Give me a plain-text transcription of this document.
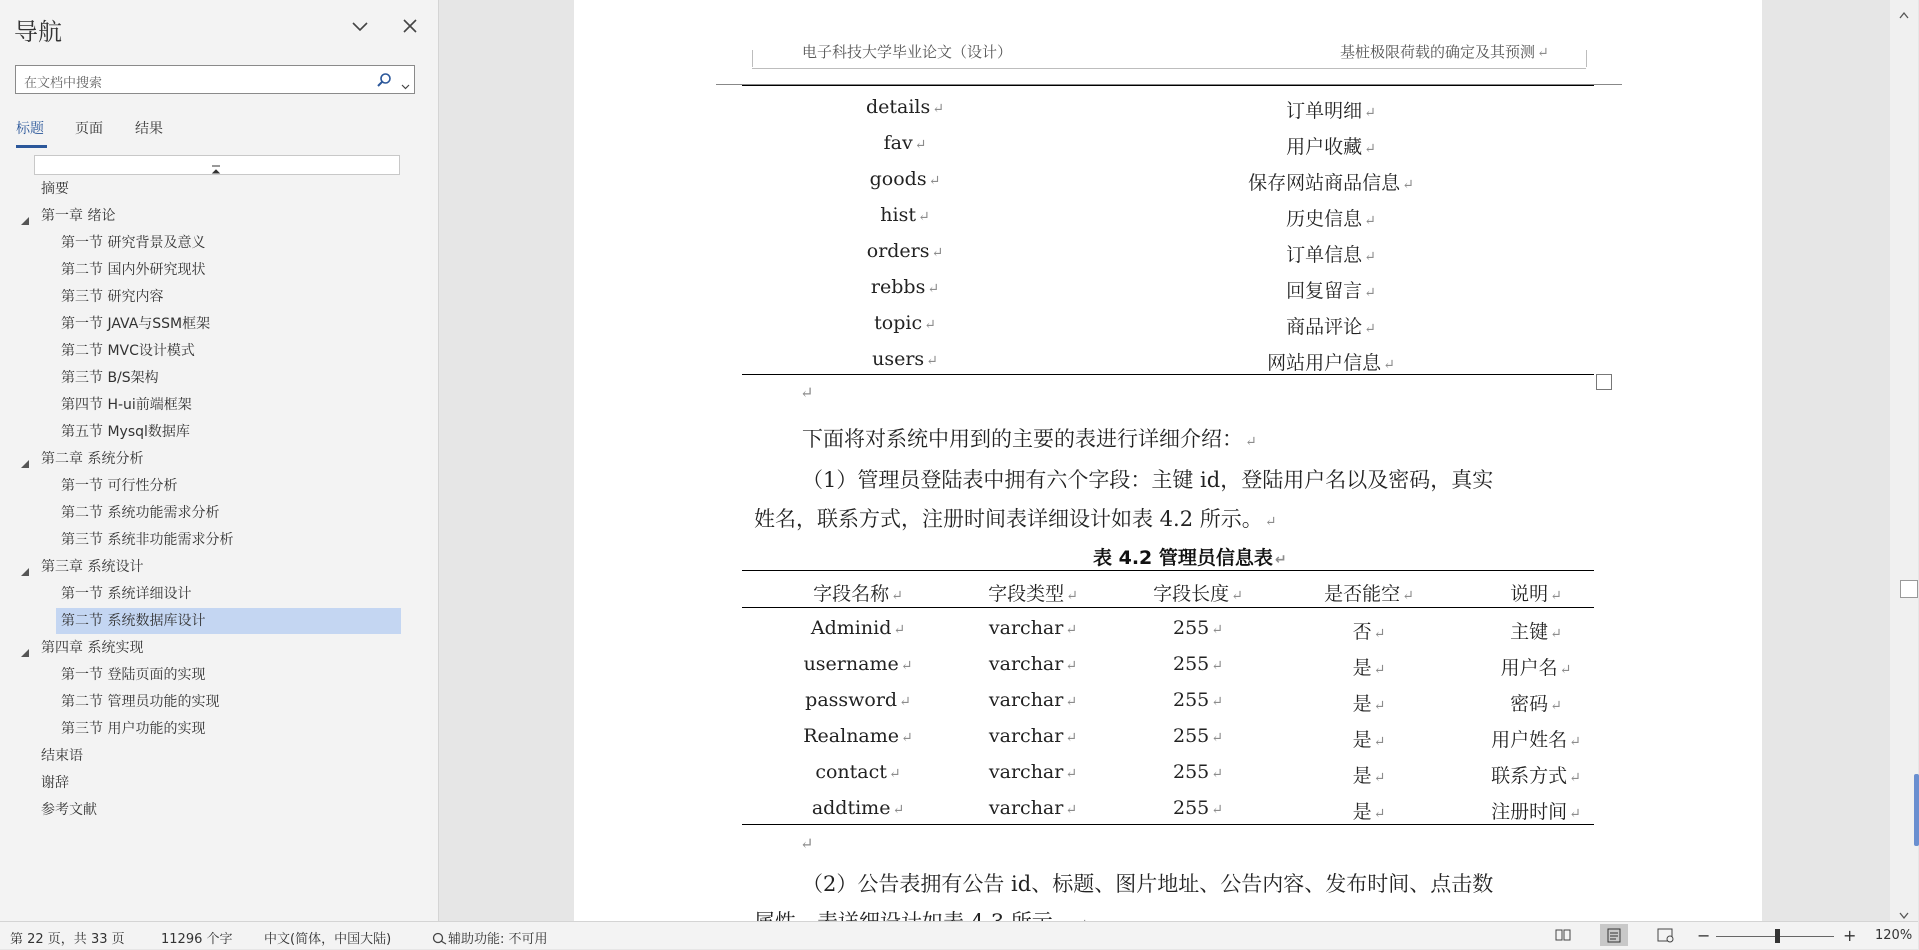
导航
在文档中搜索
标题 页面 结果
摘要
第一章 绪论
第一节 研究背景及意义
第二节 国内外研究现状
第三节 研究内容
第一节 JAVA与SSM框架
第二节 MVC设计模式
第三节 B/S架构
第四节 H-ui前端框架
第五节 Mysql数据库
第二章 系统分析
第一节 可行性分析
第二节 系统功能需求分析
第三节 系统非功能需求分析
第三章 系统设计
第一节 系统详细设计
第二节 系统数据库设计
第四章 系统实现
第一节 登陆页面的实现
第二节 管理员功能的实现
第三节 用户功能的实现
结束语
谢辞
参考文献
电子科技大学毕业论文（设计）	基桩极限荷载的确定及其预测 ↵
details ↵	订单明细 ↵
fav ↵	用户收藏 ↵
goods ↵	保存网站商品信息 ↵
hist ↵	历史信息 ↵
orders ↵	订单信息 ↵
rebbs ↵	回复留言 ↵
topic ↵	商品评论 ↵
users ↵	网站用户信息 ↵
↵
下面将对系统中用到的主要的表进行详细介绍： ↵
（1）管理员登陆表中拥有六个字段：主键 id，登陆用户名以及密码，真实
姓名，联系方式，注册时间表详细设计如表 4.2 所示。 ↵
表 4.2 管理员信息表 ↵
字段名称 ↵	字段类型 ↵	字段长度 ↵	是否能空 ↵	说明 ↵
Adminid ↵	varchar ↵	255 ↵	否 ↵	主键 ↵
username ↵	varchar ↵	255 ↵	是 ↵	用户名 ↵
password ↵	varchar ↵	255 ↵	是 ↵	密码 ↵
Realname ↵	varchar ↵	255 ↵	是 ↵	用户姓名 ↵
contact ↵	varchar ↵	255 ↵	是 ↵	联系方式 ↵
addtime ↵	varchar ↵	255 ↵	是 ↵	注册时间 ↵
↵
（2）公告表拥有公告 id、标题、图片地址、公告内容、发布时间、点击数
第 22 页，共 33 页	11296 个字 中文(简体，中国大陆)	辅助功能: 不可用	−	+ 120%
